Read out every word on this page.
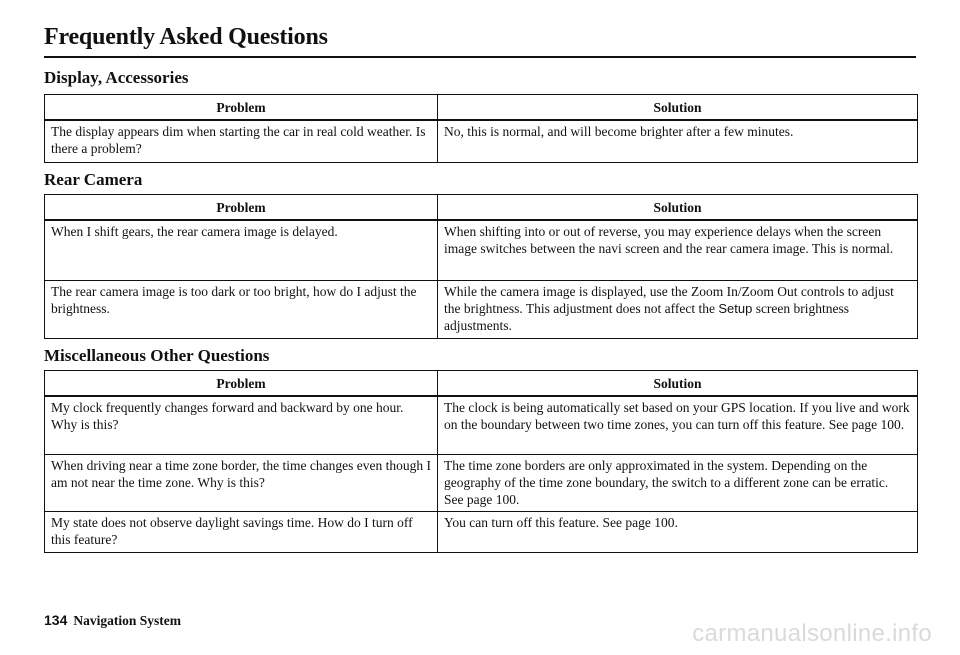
Frequently Asked Questions
Display, Accessories
Problem	Solution
The display appears dim when starting the car in real cold weather. Is there a problem?	No, this is normal, and will become brighter after a few minutes.
Rear Camera
Problem	Solution
When I shift gears, the rear camera image is delayed.	When shifting into or out of reverse, you may experience delays when the screen image switches between the navi screen and the rear camera image. This is normal.
The rear camera image is too dark or too bright, how do I adjust the brightness.	While the camera image is displayed, use the Zoom In/Zoom Out controls to adjust the brightness. This adjustment does not affect the Setup screen brightness adjustments.
Miscellaneous Other Questions
Problem	Solution
My clock frequently changes forward and backward by one hour. Why is this?	The clock is being automatically set based on your GPS location. If you live and work on the boundary between two time zones, you can turn off this feature. See page 100.
When driving near a time zone border, the time changes even though I am not near the time zone. Why is this?	The time zone borders are only approximated in the system. Depending on the geography of the time zone boundary, the switch to a different zone can be erratic. See page 100.
My state does not observe daylight savings time. How do I turn off this feature?	You can turn off this feature. See page 100.
134 Navigation System	carmanualsonline.info
